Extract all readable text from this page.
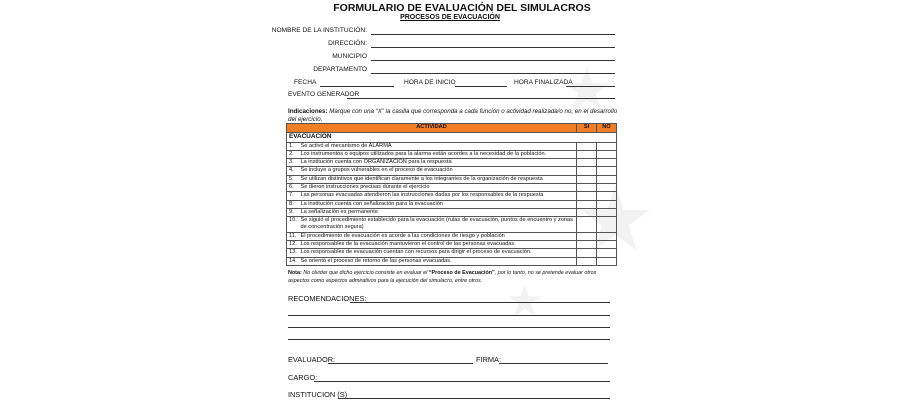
★
★
★
FORMULARIO DE EVALUACIÓN DEL SIMULACROS
PROCESOS DE EVACUACIÓN
NOMBRE DE LA INSTITUCIÓN:
DIRECCIÓN:
MUNICIPIO
DEPARTAMENTO
FECHA	HORA DE INICIO	HORA FINALIZADA
EVENTO GENERADOR
Indicaciones: Marque con una “X” la casilla que corresponda a cada función o actividad realizada/o no, en el desarrollo del ejercicio.
ACTIVIDAD		SI	NO
EVACUACIÓN			
1.	Se activó el mecanismo de ALARMA		
2.	Los instrumentos o equipos utilizados para la alarma están acordes a la necesidad de la población.		
3.	La institución cuenta con ORGANIZACIÓN para la respuesta		
4.	Se incluye a grupos vulnerables en el proceso de evacuación		
5.	Se utilizan distintivos que identifican claramente a los integrantes de la organización de respuesta		
6.	Se dieron instrucciones precisas durante el ejercicio		
7.	Las personas evacuadas atendieron las instrucciones dadas por los responsables de la respuesta		
8.	La institución cuenta con señalización para la evacuación		
9.	La señalización es permanente		
10.	Se siguió el procedimiento establecido para la evacuación (rutas de evacuación, puntos de encuentro y zonas de concentración segura)		
11.	El procedimiento de evacuación es acorde a las condiciones de riesgo y población		
12.	Los responsables de la evacuación mantuvieron el control de las personas evacuadas.		
13.	Los responsables de evacuación cuentan con recursos para dirigir el proceso de evacuación.		
14.	Se orientó el proceso de retorno de las personas evacuadas.		
Nota: No olvidar que dicho ejercicio consiste en evaluar el “Proceso de Evacuación”, por lo tanto, no se pretende evaluar otros aspectos como aspectos admirativos para la ejecución del simulacro, entre otros.
RECOMENDACIONES:
EVALUADOR:	FIRMA:
CARGO:
INSTITUCION (S)
